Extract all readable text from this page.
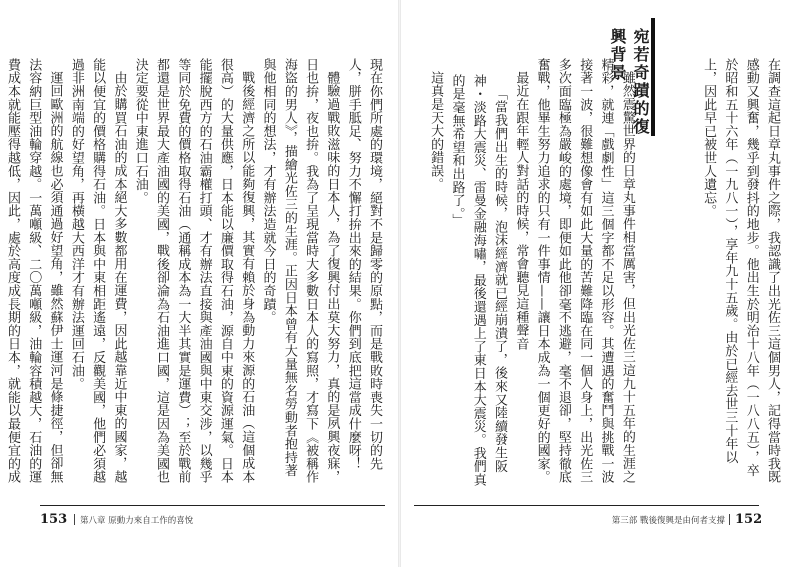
在調查這起日章丸事件之際，我認識了出光佐三這個男人，記得當時我既感動又興奮，幾乎到發抖的地步。他出生於明治十八年（一八八五），卒於昭和五十六年（一九八一），享年九十五歲。由於已經去世三十年以上，因此早已被世人遺忘。

雖然震驚世界的日章丸事件相當厲害，但出光佐三這九十五年的生涯之精彩，就連「戲劇性」這三個字都不足以形容。其遭遇的奮鬥與挑戰一波接著一波，很難想像會有如此大量的苦難降臨在同一個人身上，出光佐三多次面臨極為嚴峻的處境，即便如此他卻毫不逃避，毫不退卻，堅持徹底奮戰，他畢生努力追求的只有一件事情——讓日本成為一個更好的國家。

最近在跟年輕人對話的時候，常會聽見這種聲音

「當我們出生的時候，泡沫經濟就已經崩潰了，後來又陸續發生阪神・淡路大震災、雷曼金融海嘯，最後還遇上了東日本大震災。我們真的是毫無希望和出路了。」

這真是天大的錯誤。	宛若奇蹟的復興背景

現在你們所處的環境，絕對不是歸零的原點，而是戰敗時喪失一切的先人，胼手胝足、努力不懈打拚出來的結果。你們到底把這當成什麼呀！

體驗過戰敗滋味的日本人，為了復興付出莫大努力，真的是夙興夜寐，日也拚，夜也拚。我為了呈現當時大多數日本人的寫照，才寫下《被稱作海盜的男人》，描繪光佐三的生涯。正因日本曾有大量無名勞動者抱持著與他相同的想法，才有辦法造就今日的奇蹟。

戰後經濟之所以能夠復興，其實有賴於身為動力來源的石油（這個成本很高）的大量供應，日本能以廉價取得石油，源自中東的資源運氣。日本能擺脫西方的石油霸權打頭、才有辦法直接與產油國與中東交涉，以幾乎等同於免費的價格取得石油（通稱成本為一大半其實是運費）；至於戰前都還是世界最大產油國的美國，戰後卻淪為石油進口國，這是因為美國也決定要從中東進口石油。

由於購買石油的成本絕大多數都用在運費，因此越靠近中東的國家，越能以便宜的價格購得石油。日本與中東相距遙遠，反觀美國，他們必須越過非洲南端的好望角，再橫越大西洋才有辦法運回石油。

運回歐洲的航線也必須通過好望角，雖然蘇伊士運河是條捷徑，但卻無法容納巨型油輪穿越。一萬噸級、二〇萬噸級，油輪容積越大，石油的運費成本就能壓得越低，因此，處於高度成長期的日本，就能以最便宜的成

153 第八章 原動力來自工作的喜悅	第三部 戰後復興是由何者支撐 152
